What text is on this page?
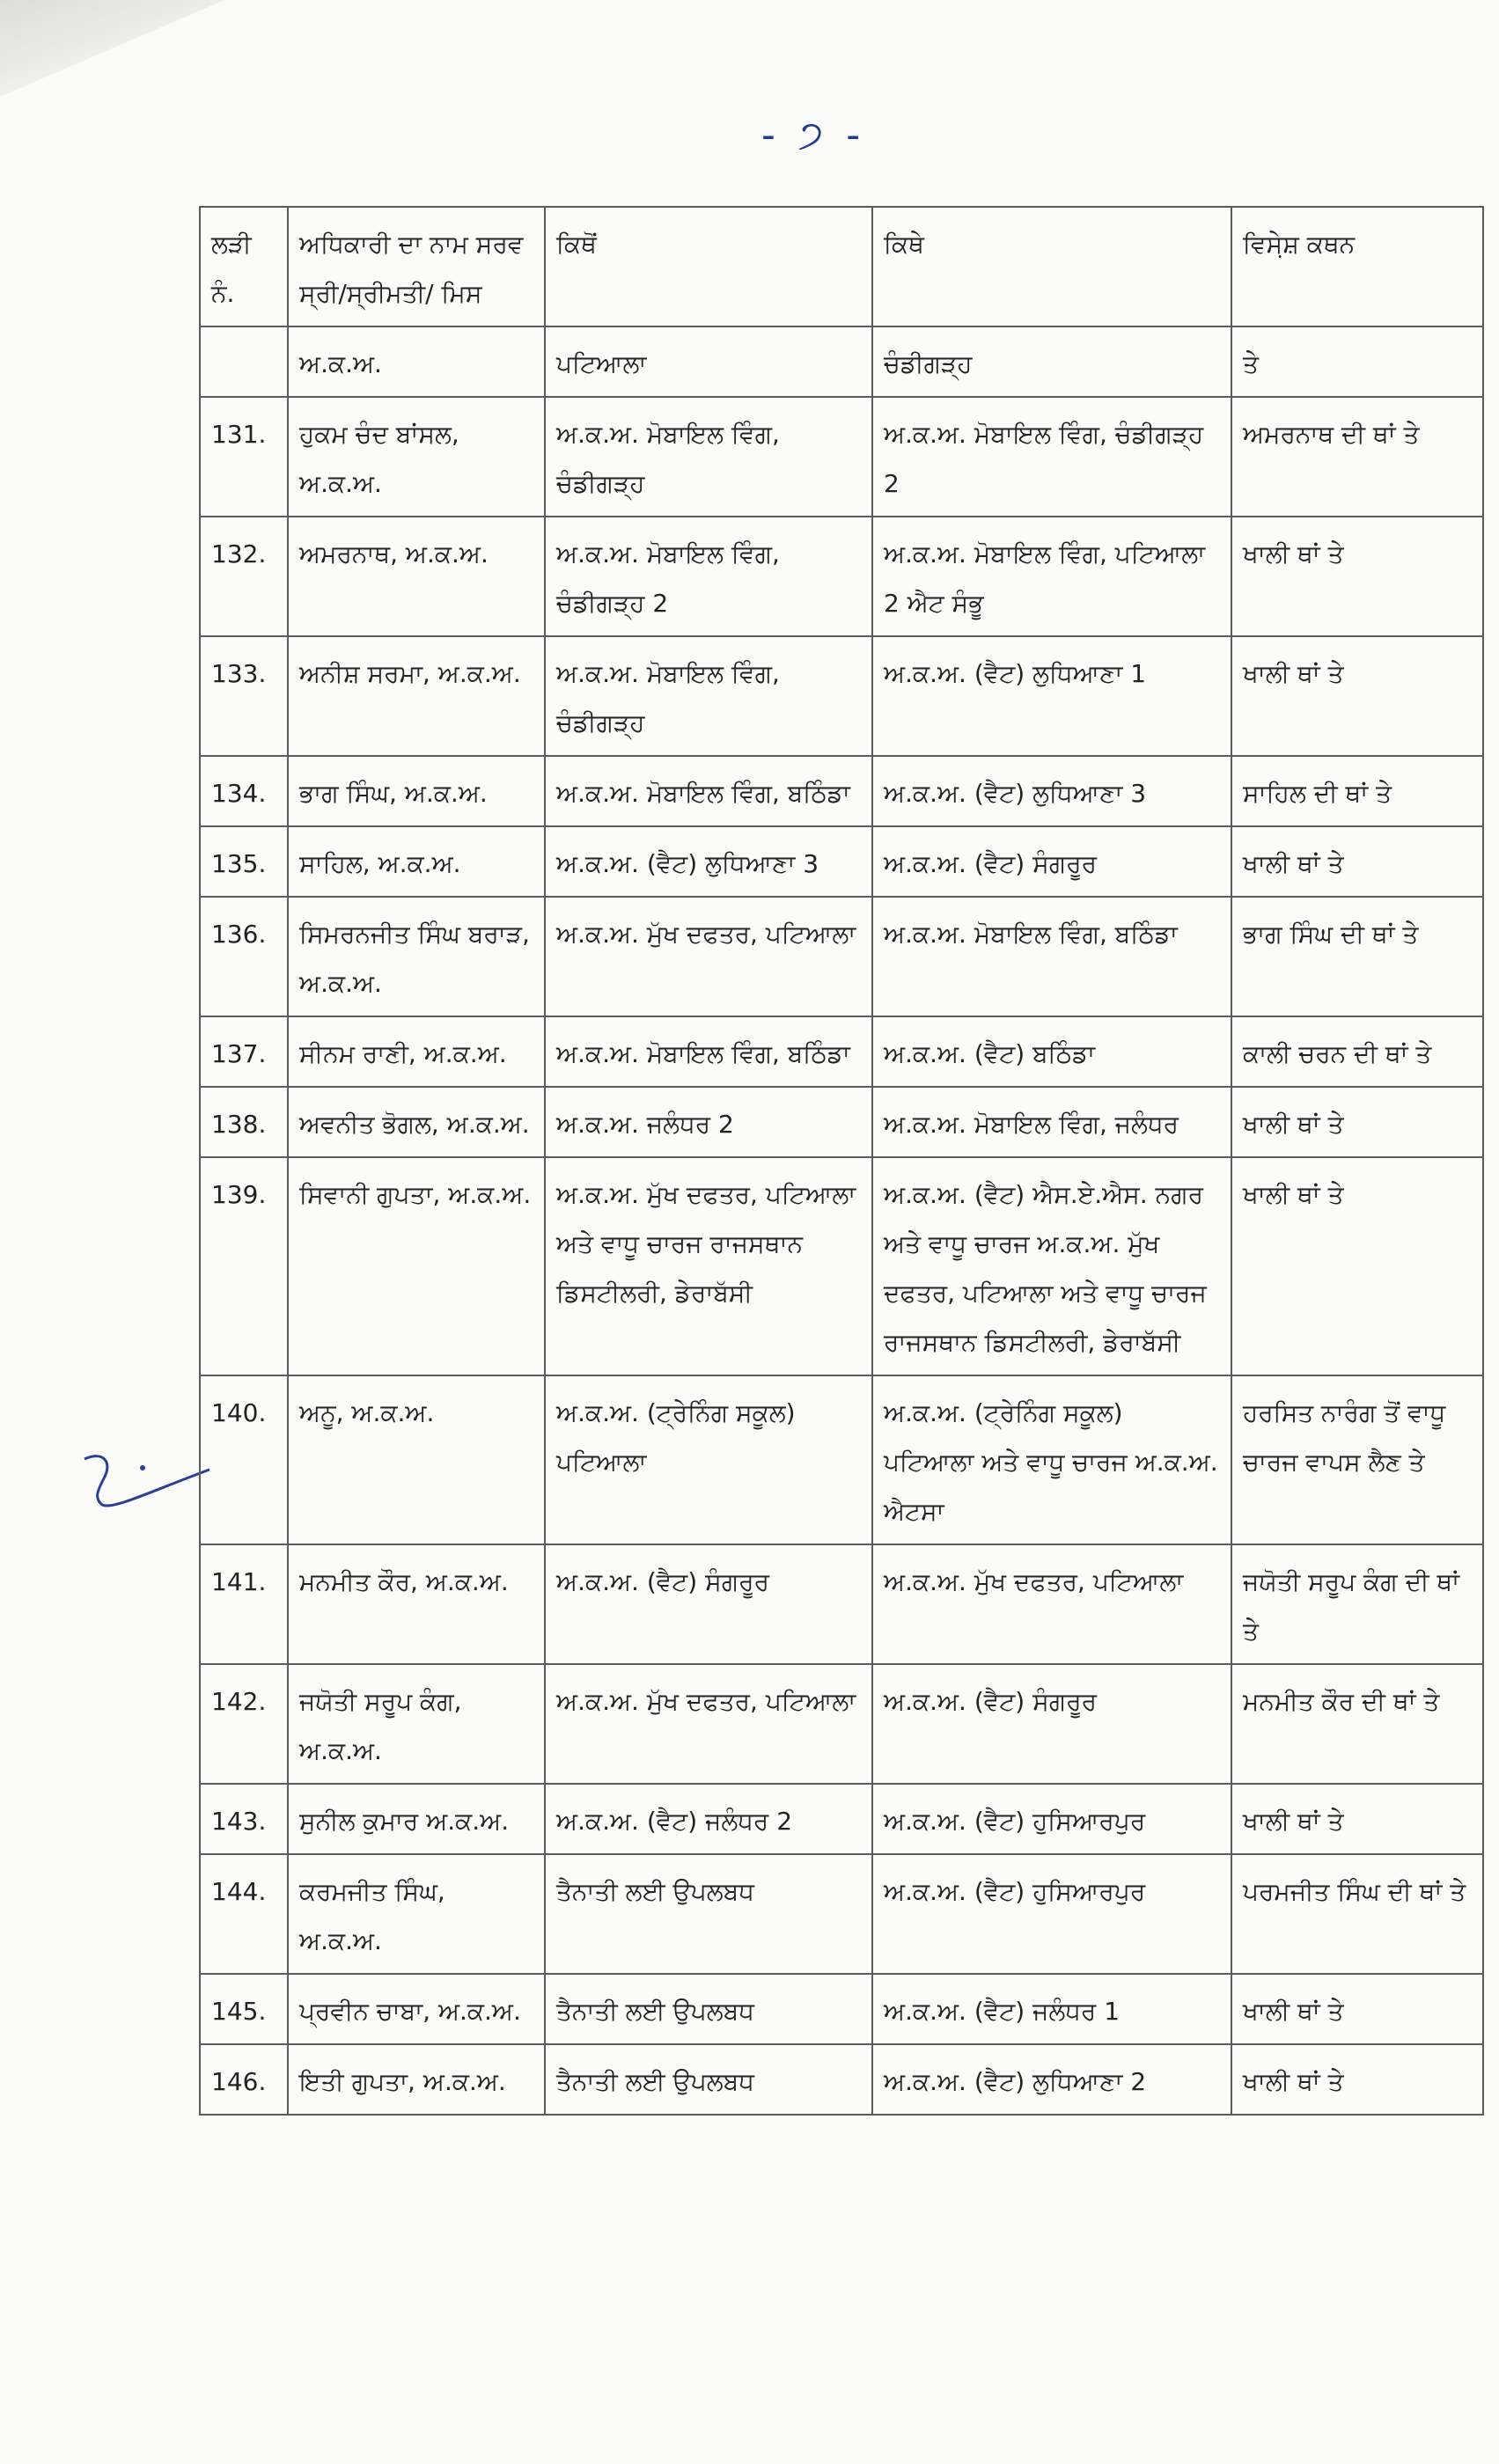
- ੭ -
ਲੜੀ ਨੰ.	ਅਧਿਕਾਰੀ ਦਾ ਨਾਮ ਸਰਵ ਸ੍ਰੀ/ਸ੍ਰੀਮਤੀ/ ਮਿਸ	ਕਿਥੋਂ	ਕਿਥੇ	ਵਿਸੇ਼ਸ਼ ਕਥਨ
	ਅ.ਕ.ਅ.	ਪਟਿਆਲਾ	ਚੰਡੀਗੜ੍ਹ	ਤੇ
131.	ਹੁਕਮ ਚੰਦ ਬਾਂਸਲ, ਅ.ਕ.ਅ.	ਅ.ਕ.ਅ. ਮੋਬਾਇਲ ਵਿੰਗ, ਚੰਡੀਗੜ੍ਹ	ਅ.ਕ.ਅ. ਮੋਬਾਇਲ ਵਿੰਗ, ਚੰਡੀਗੜ੍ਹ 2	ਅਮਰਨਾਥ ਦੀ ਥਾਂ ਤੇ
132.	ਅਮਰਨਾਥ, ਅ.ਕ.ਅ.	ਅ.ਕ.ਅ. ਮੋਬਾਇਲ ਵਿੰਗ, ਚੰਡੀਗੜ੍ਹ 2	ਅ.ਕ.ਅ. ਮੋਬਾਇਲ ਵਿੰਗ, ਪਟਿਆਲਾ 2 ਐਟ ਸੰਭੂ	ਖਾਲੀ ਥਾਂ ਤੇ
133.	ਅਨੀਸ਼ ਸਰਮਾ, ਅ.ਕ.ਅ.	ਅ.ਕ.ਅ. ਮੋਬਾਇਲ ਵਿੰਗ, ਚੰਡੀਗੜ੍ਹ	ਅ.ਕ.ਅ. (ਵੈਟ) ਲੁਧਿਆਣਾ 1	ਖਾਲੀ ਥਾਂ ਤੇ
134.	ਭਾਗ ਸਿੰਘ, ਅ.ਕ.ਅ.	ਅ.ਕ.ਅ. ਮੋਬਾਇਲ ਵਿੰਗ, ਬਠਿੰਡਾ	ਅ.ਕ.ਅ. (ਵੈਟ) ਲੁਧਿਆਣਾ 3	ਸਾਹਿਲ ਦੀ ਥਾਂ ਤੇ
135.	ਸਾਹਿਲ, ਅ.ਕ.ਅ.	ਅ.ਕ.ਅ. (ਵੈਟ) ਲੁਧਿਆਣਾ 3	ਅ.ਕ.ਅ. (ਵੈਟ) ਸੰਗਰੂਰ	ਖਾਲੀ ਥਾਂ ਤੇ
136.	ਸਿਮਰਨਜੀਤ ਸਿੰਘ ਬਰਾੜ, ਅ.ਕ.ਅ.	ਅ.ਕ.ਅ. ਮੁੱਖ ਦਫਤਰ, ਪਟਿਆਲਾ	ਅ.ਕ.ਅ. ਮੋਬਾਇਲ ਵਿੰਗ, ਬਠਿੰਡਾ	ਭਾਗ ਸਿੰਘ ਦੀ ਥਾਂ ਤੇ
137.	ਸੀਨਮ ਰਾਣੀ, ਅ.ਕ.ਅ.	ਅ.ਕ.ਅ. ਮੋਬਾਇਲ ਵਿੰਗ, ਬਠਿੰਡਾ	ਅ.ਕ.ਅ. (ਵੈਟ) ਬਠਿੰਡਾ	ਕਾਲੀ ਚਰਨ ਦੀ ਥਾਂ ਤੇ
138.	ਅਵਨੀਤ ਭੋਗਲ, ਅ.ਕ.ਅ.	ਅ.ਕ.ਅ. ਜਲੰਧਰ 2	ਅ.ਕ.ਅ. ਮੋਬਾਇਲ ਵਿੰਗ, ਜਲੰਧਰ	ਖਾਲੀ ਥਾਂ ਤੇ
139.	ਸਿਵਾਨੀ ਗੁਪਤਾ, ਅ.ਕ.ਅ.	ਅ.ਕ.ਅ. ਮੁੱਖ ਦਫਤਰ, ਪਟਿਆਲਾ ਅਤੇ ਵਾਧੂ ਚਾਰਜ ਰਾਜਸਥਾਨ ਡਿਸਟੀਲਰੀ, ਡੇਰਾਬੱਸੀ	ਅ.ਕ.ਅ. (ਵੈਟ) ਐਸ.ਏ.ਐਸ. ਨਗਰ ਅਤੇ ਵਾਧੂ ਚਾਰਜ ਅ.ਕ.ਅ. ਮੁੱਖ ਦਫਤਰ, ਪਟਿਆਲਾ ਅਤੇ ਵਾਧੂ ਚਾਰਜ ਰਾਜਸਥਾਨ ਡਿਸਟੀਲਰੀ, ਡੇਰਾਬੱਸੀ	ਖਾਲੀ ਥਾਂ ਤੇ
140.	ਅਨੂ, ਅ.ਕ.ਅ.	ਅ.ਕ.ਅ. (ਟ੍ਰੇਨਿੰਗ ਸਕੂਲ) ਪਟਿਆਲਾ	ਅ.ਕ.ਅ. (ਟ੍ਰੇਨਿੰਗ ਸਕੂਲ) ਪਟਿਆਲਾ ਅਤੇ ਵਾਧੂ ਚਾਰਜ ਅ.ਕ.ਅ. ਐਟਸਾ	ਹਰਸਿਤ ਨਾਰੰਗ ਤੋਂ ਵਾਧੂ ਚਾਰਜ ਵਾਪਸ ਲੈਣ ਤੇ
141.	ਮਨਮੀਤ ਕੌਰ, ਅ.ਕ.ਅ.	ਅ.ਕ.ਅ. (ਵੈਟ) ਸੰਗਰੂਰ	ਅ.ਕ.ਅ. ਮੁੱਖ ਦਫਤਰ, ਪਟਿਆਲਾ	ਜਯੋਤੀ ਸਰੂਪ ਕੰਗ ਦੀ ਥਾਂ ਤੇ
142.	ਜਯੋਤੀ ਸਰੂਪ ਕੰਗ, ਅ.ਕ.ਅ.	ਅ.ਕ.ਅ. ਮੁੱਖ ਦਫਤਰ, ਪਟਿਆਲਾ	ਅ.ਕ.ਅ. (ਵੈਟ) ਸੰਗਰੂਰ	ਮਨਮੀਤ ਕੌਰ ਦੀ ਥਾਂ ਤੇ
143.	ਸੁਨੀਲ ਕੁਮਾਰ ਅ.ਕ.ਅ.	ਅ.ਕ.ਅ. (ਵੈਟ) ਜਲੰਧਰ 2	ਅ.ਕ.ਅ. (ਵੈਟ) ਹੁਸਿਆਰਪੁਰ	ਖਾਲੀ ਥਾਂ ਤੇ
144.	ਕਰਮਜੀਤ ਸਿੰਘ, ਅ.ਕ.ਅ.	ਤੈਨਾਤੀ ਲਈ ਉਪਲਬਧ	ਅ.ਕ.ਅ. (ਵੈਟ) ਹੁਸਿਆਰਪੁਰ	ਪਰਮਜੀਤ ਸਿੰਘ ਦੀ ਥਾਂ ਤੇ
145.	ਪ੍ਰਵੀਨ ਚਾਬਾ, ਅ.ਕ.ਅ.	ਤੈਨਾਤੀ ਲਈ ਉਪਲਬਧ	ਅ.ਕ.ਅ. (ਵੈਟ) ਜਲੰਧਰ 1	ਖਾਲੀ ਥਾਂ ਤੇ
146.	ਇਤੀ ਗੁਪਤਾ, ਅ.ਕ.ਅ.	ਤੈਨਾਤੀ ਲਈ ਉਪਲਬਧ	ਅ.ਕ.ਅ. (ਵੈਟ) ਲੁਧਿਆਣਾ 2	ਖਾਲੀ ਥਾਂ ਤੇ
